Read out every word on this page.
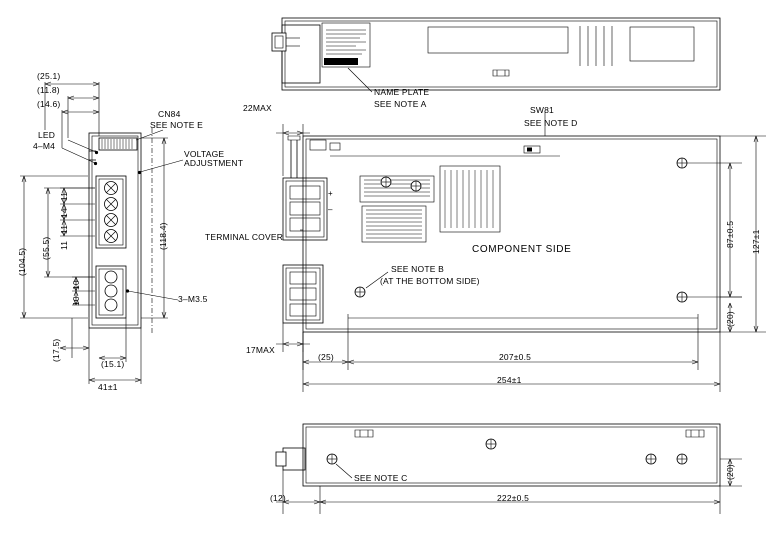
(25.1)
(11.8)
(14.6)
LED
4–M4
CN84
SEE NOTE E
VOLTAGE
ADJUSTMENT
(104.5) (55.5)
11
14
11
11
10
10
(118.4)
3–M3.5
(17.5)
(15.1)
41±1
22MAX
TERMINAL COVER
17MAX
(25)	207±0.5
254±1
NAME PLATE
SEE NOTE A
SW81
SEE NOTE D
COMPONENT SIDE
SEE NOTE B
(AT THE BOTTOM SIDE)
87±0.5 127±1
(20)
SEE NOTE C
(12)	222±0.5
(20)
+
–
